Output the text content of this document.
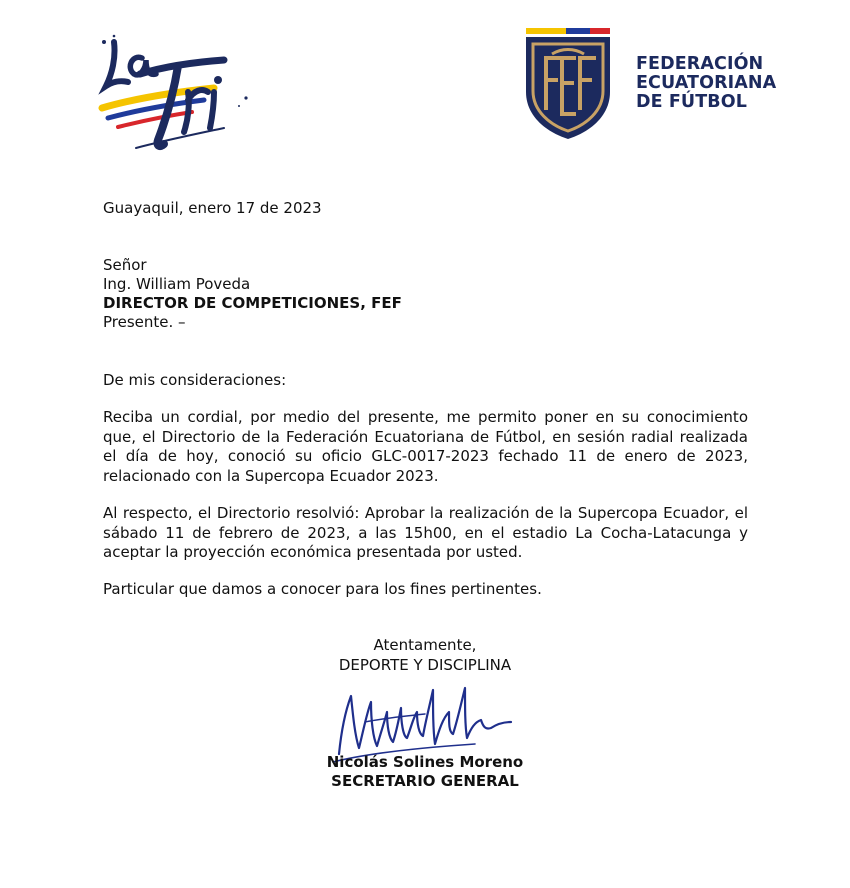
FEDERACIÓN
ECUATORIANA
DE FÚTBOL
Guayaquil, enero 17 de 2023
Señor
Ing. William Poveda
DIRECTOR DE COMPETICIONES, FEF
Presente. –
De mis consideraciones:
Reciba un cordial, por medio del presente, me permito poner en su conocimiento que, el Directorio de la Federación Ecuatoriana de Fútbol, en sesión radial realizada el día de hoy, conoció su oficio GLC-0017-2023 fechado 11 de enero de 2023, relacionado con la Supercopa Ecuador 2023.
Al respecto, el Directorio resolvió: Aprobar la realización de la Supercopa Ecuador, el sábado 11 de febrero de 2023, a las 15h00, en el estadio La Cocha-Latacunga y aceptar la proyección económica presentada por usted.
Particular que damos a conocer para los fines pertinentes.
Atentamente,
DEPORTE Y DISCIPLINA
Nicolás Solines Moreno
SECRETARIO GENERAL
